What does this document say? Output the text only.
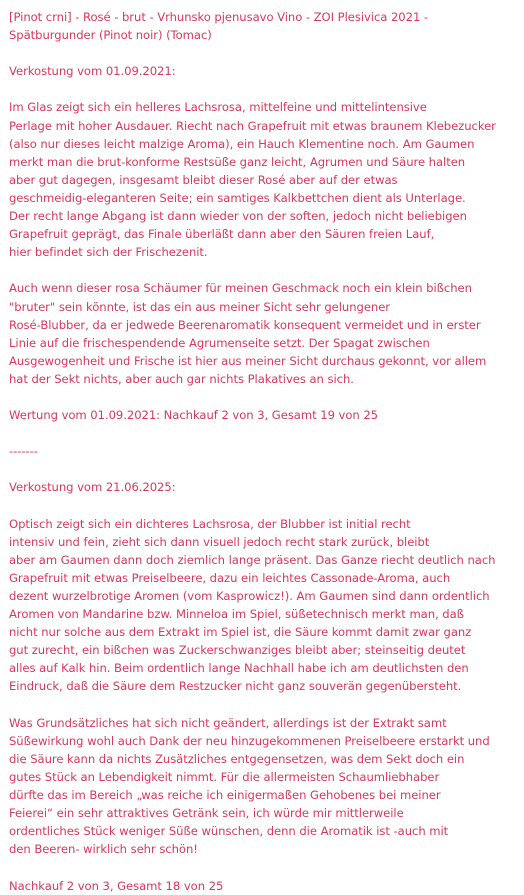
[Pinot crni] - Rosé - brut - Vrhunsko pjenusavo Vino - ZOI Plesivica 2021 -
Spätburgunder (Pinot noir) (Tomac)
Verkostung vom 01.09.2021:
Im Glas zeigt sich ein helleres Lachsrosa, mittelfeine und mittelintensive
Perlage mit hoher Ausdauer. Riecht nach Grapefruit mit etwas braunem Klebezucker
(also nur dieses leicht malzige Aroma), ein Hauch Klementine noch. Am Gaumen
merkt man die brut-konforme Restsüße ganz leicht, Agrumen und Säure halten
aber gut dagegen, insgesamt bleibt dieser Rosé aber auf der etwas
geschmeidig-eleganteren Seite; ein samtiges Kalkbettchen dient als Unterlage.
Der recht lange Abgang ist dann wieder von der soften, jedoch nicht beliebigen
Grapefruit geprägt, das Finale überläßt dann aber den Säuren freien Lauf,
hier befindet sich der Frischezenit.
Auch wenn dieser rosa Schäumer für meinen Geschmack noch ein klein bißchen
"bruter" sein könnte, ist das ein aus meiner Sicht sehr gelungener
Rosé-Blubber, da er jedwede Beerenaromatik konsequent vermeidet und in erster
Linie auf die frischespendende Agrumenseite setzt. Der Spagat zwischen
Ausgewogenheit und Frische ist hier aus meiner Sicht durchaus gekonnt, vor allem
hat der Sekt nichts, aber auch gar nichts Plakatives an sich.
Wertung vom 01.09.2021: Nachkauf 2 von 3, Gesamt 19 von 25
-------
Verkostung vom 21.06.2025:
Optisch zeigt sich ein dichteres Lachsrosa, der Blubber ist initial recht
intensiv und fein, zieht sich dann visuell jedoch recht stark zurück, bleibt
aber am Gaumen dann doch ziemlich lange präsent. Das Ganze riecht deutlich nach
Grapefruit mit etwas Preiselbeere, dazu ein leichtes Cassonade-Aroma, auch
dezent wurzelbrotige Aromen (vom Kasprowicz!). Am Gaumen sind dann ordentlich
Aromen von Mandarine bzw. Minneloa im Spiel, süßetechnisch merkt man, daß
nicht nur solche aus dem Extrakt im Spiel ist, die Säure kommt damit zwar ganz
gut zurecht, ein bißchen was Zuckerschwanziges bleibt aber; steinseitig deutet
alles auf Kalk hin. Beim ordentlich lange Nachhall habe ich am deutlichsten den
Eindruck, daß die Säure dem Restzucker nicht ganz souverän gegenübersteht.
Was Grundsätzliches hat sich nicht geändert, allerdings ist der Extrakt samt
Süßewirkung wohl auch Dank der neu hinzugekommenen Preiselbeere erstarkt und
die Säure kann da nichts Zusätzliches entgegensetzen, was dem Sekt doch ein
gutes Stück an Lebendigkeit nimmt. Für die allermeisten Schaumliebhaber
dürfte das im Bereich „was reiche ich einigermaßen Gehobenes bei meiner
Feierei“ ein sehr attraktives Getränk sein, ich würde mir mittlerweile
ordentliches Stück weniger Süße wünschen, denn die Aromatik ist -auch mit
den Beeren- wirklich sehr schön!
Nachkauf 2 von 3, Gesamt 18 von 25
